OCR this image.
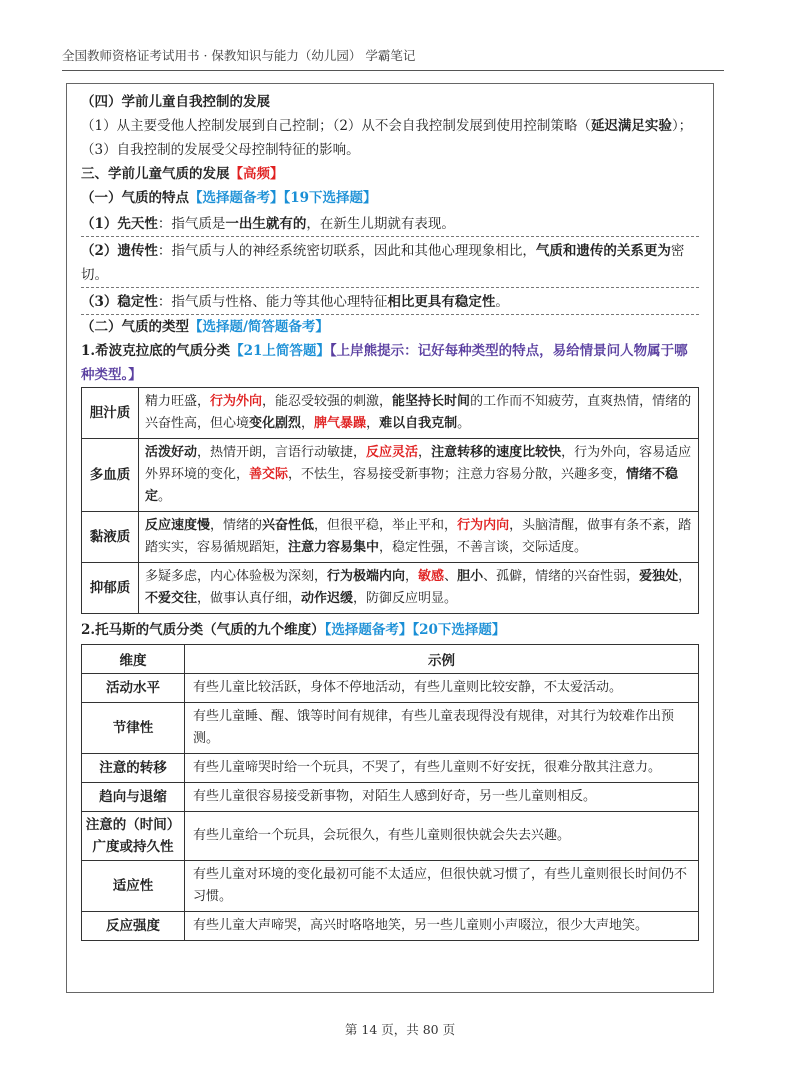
全国教师资格证考试用书 · 保教知识与能力（幼儿园） 学霸笔记

（四）学前儿童自我控制的发展

（1）从主要受他人控制发展到自己控制；（2）从不会自我控制发展到使用控制策略（延迟满足实验）；（3）自我控制的发展受父母控制特征的影响。

三、学前儿童气质的发展【高频】

（一）气质的特点【选择题备考】【19下选择题】

（1）先天性：指气质是一出生就有的，在新生儿期就有表现。

（2）遗传性：指气质与人的神经系统密切联系，因此和其他心理现象相比，气质和遗传的关系更为密切。

（3）稳定性：指气质与性格、能力等其他心理特征相比更具有稳定性。

（二）气质的类型【选择题/简答题备考】

1.希波克拉底的气质分类【21上简答题】【上岸熊提示：记好每种类型的特点，易给情景问人物属于哪种类型。】

胆汁质	精力旺盛，行为外向，能忍受较强的刺激，能坚持长时间的工作而不知疲劳，直爽热情，情绪的兴奋性高，但心境变化剧烈，脾气暴躁，难以自我克制。
多血质	活泼好动，热情开朗，言语行动敏捷，反应灵活，注意转移的速度比较快，行为外向，容易适应外界环境的变化，善交际，不怯生，容易接受新事物；注意力容易分散，兴趣多变，情绪不稳定。
黏液质	反应速度慢，情绪的兴奋性低，但很平稳，举止平和，行为内向，头脑清醒，做事有条不紊，踏踏实实，容易循规蹈矩，注意力容易集中，稳定性强，不善言谈，交际适度。
抑郁质	多疑多虑，内心体验极为深刻，行为极端内向，敏感、胆小、孤僻，情绪的兴奋性弱，爱独处，不爱交往，做事认真仔细，动作迟缓，防御反应明显。

2.托马斯的气质分类（气质的九个维度）【选择题备考】【20下选择题】

维度	示例
活动水平	有些儿童比较活跃，身体不停地活动，有些儿童则比较安静，不太爱活动。
节律性	有些儿童睡、醒、饿等时间有规律，有些儿童表现得没有规律，对其行为较难作出预测。
注意的转移	有些儿童啼哭时给一个玩具，不哭了，有些儿童则不好安抚，很难分散其注意力。
趋向与退缩	有些儿童很容易接受新事物，对陌生人感到好奇，另一些儿童则相反。
注意的（时间）广度或持久性	有些儿童给一个玩具，会玩很久，有些儿童则很快就会失去兴趣。
适应性	有些儿童对环境的变化最初可能不太适应，但很快就习惯了，有些儿童则很长时间仍不习惯。
反应强度	有些儿童大声啼哭，高兴时咯咯地笑，另一些儿童则小声啜泣，很少大声地笑。
第 14 页，共 80 页
